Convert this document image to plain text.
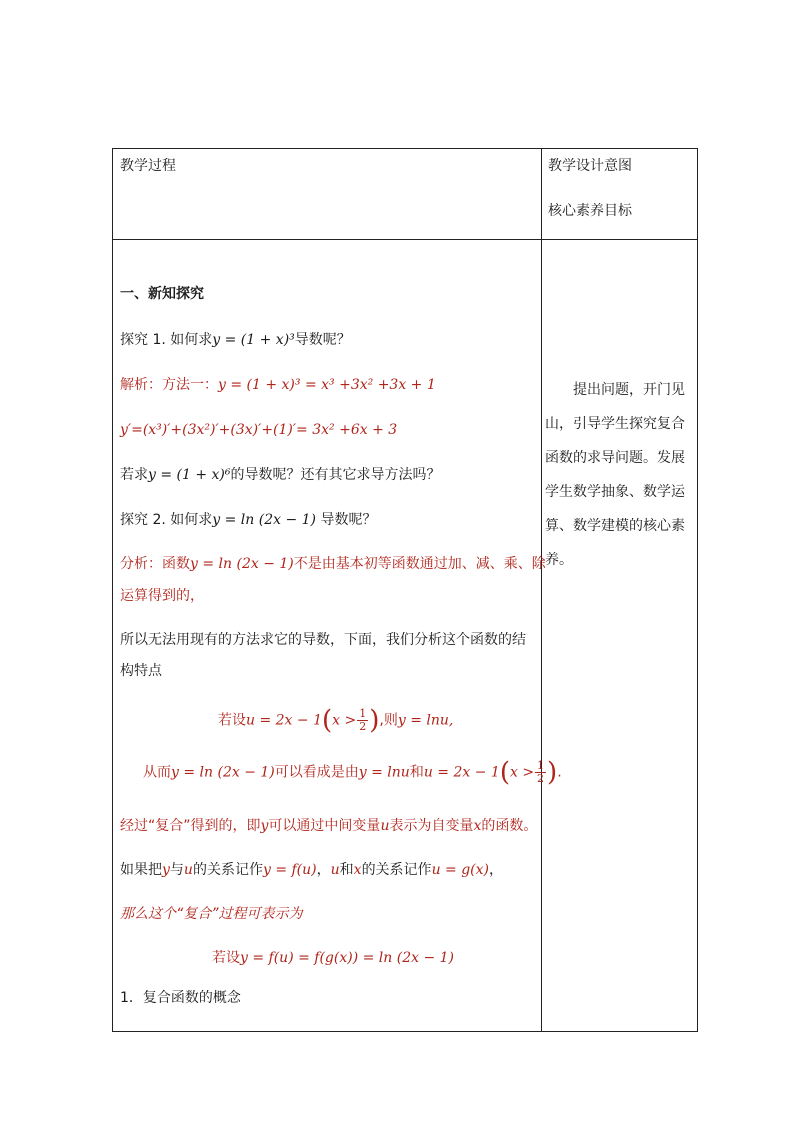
教学过程	教学设计意图
核心素养目标
一、新知探究
探究 1. 如何求y = (1 + x)³导数呢？
解析：方法一：y = (1 + x)³ = x³ +3x² +3x + 1
y′=(x³)′+(3x²)′+(3x)′+(1)′= 3x² +6x + 3
若求y = (1 + x)⁶的导数呢？还有其它求导方法吗？
探究 2. 如何求y = ln (2x − 1) 导数呢？
分析：函数y = ln (2x − 1)不是由基本初等函数通过加、减、乘、除
运算得到的，
所以无法用现有的方法求它的导数，下面，我们分析这个函数的结
构特点
若设$u = 2x - 1(x > \frac{1}{2}$ ),则y = lnu,
从而y = ln (2x − 1)可以看成是由y = lnu和$u = 2x - 1(x > \frac{1}{2}$ ).
经过“复合”得到的，即y可以通过中间变量u表示为自变量x的函数。
如果把y与u的关系记作y = f(u)，u和x的关系记作u = g(x)，
那么这个“复合”过程可表示为
若设y = f(u) = f(g(x)) = ln (2x − 1)
1．复合函数的概念
提出问题，开门见山，引导学生探究复合函数的求导问题。发展学生数学抽象、数学运算、数学建模的核心素养。
